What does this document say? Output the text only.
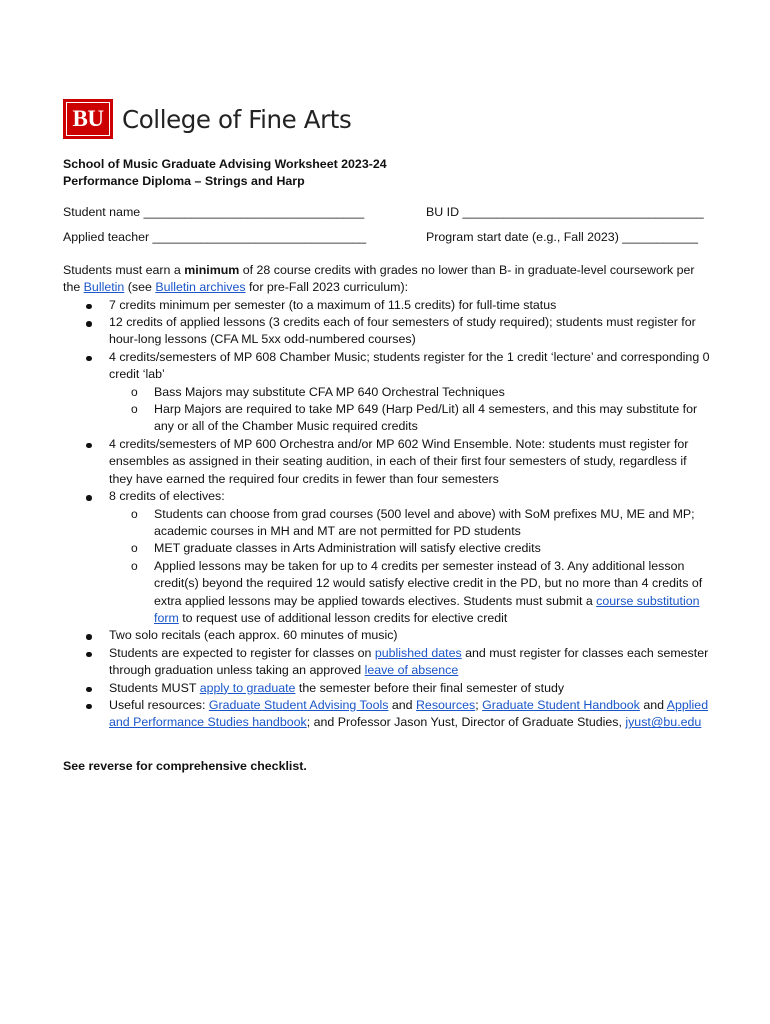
BU College of Fine Arts
School of Music Graduate Advising Worksheet 2023-24
Performance Diploma – Strings and Harp
Student name ________________________________	BU ID ___________________________________
Applied teacher _______________________________	Program start date (e.g., Fall 2023) ___________
Students must earn a minimum of 28 course credits with grades no lower than B- in graduate-level coursework per the Bulletin (see Bulletin archives for pre-Fall 2023 curriculum):
7 credits minimum per semester (to a maximum of 11.5 credits) for full-time status
12 credits of applied lessons (3 credits each of four semesters of study required); students must register for hour-long lessons (CFA ML 5xx odd-numbered courses)
4 credits/semesters of MP 608 Chamber Music; students register for the 1 credit ‘lecture’ and corresponding 0 credit ‘lab’
o Bass Majors may substitute CFA MP 640 Orchestral Techniques
o Harp Majors are required to take MP 649 (Harp Ped/Lit) all 4 semesters, and this may substitute for any or all of the Chamber Music required credits
4 credits/semesters of MP 600 Orchestra and/or MP 602 Wind Ensemble. Note: students must register for ensembles as assigned in their seating audition, in each of their first four semesters of study, regardless if they have earned the required four credits in fewer than four semesters
8 credits of electives:
o Students can choose from grad courses (500 level and above) with SoM prefixes MU, ME and MP; academic courses in MH and MT are not permitted for PD students
o MET graduate classes in Arts Administration will satisfy elective credits
o Applied lessons may be taken for up to 4 credits per semester instead of 3. Any additional lesson credit(s) beyond the required 12 would satisfy elective credit in the PD, but no more than 4 credits of extra applied lessons may be applied towards electives. Students must submit a course substitution form to request use of additional lesson credits for elective credit
Two solo recitals (each approx. 60 minutes of music)
Students are expected to register for classes on published dates and must register for classes each semester through graduation unless taking an approved leave of absence
Students MUST apply to graduate the semester before their final semester of study
Useful resources: Graduate Student Advising Tools and Resources; Graduate Student Handbook and Applied and Performance Studies handbook; and Professor Jason Yust, Director of Graduate Studies, jyust@bu.edu
See reverse for comprehensive checklist.
